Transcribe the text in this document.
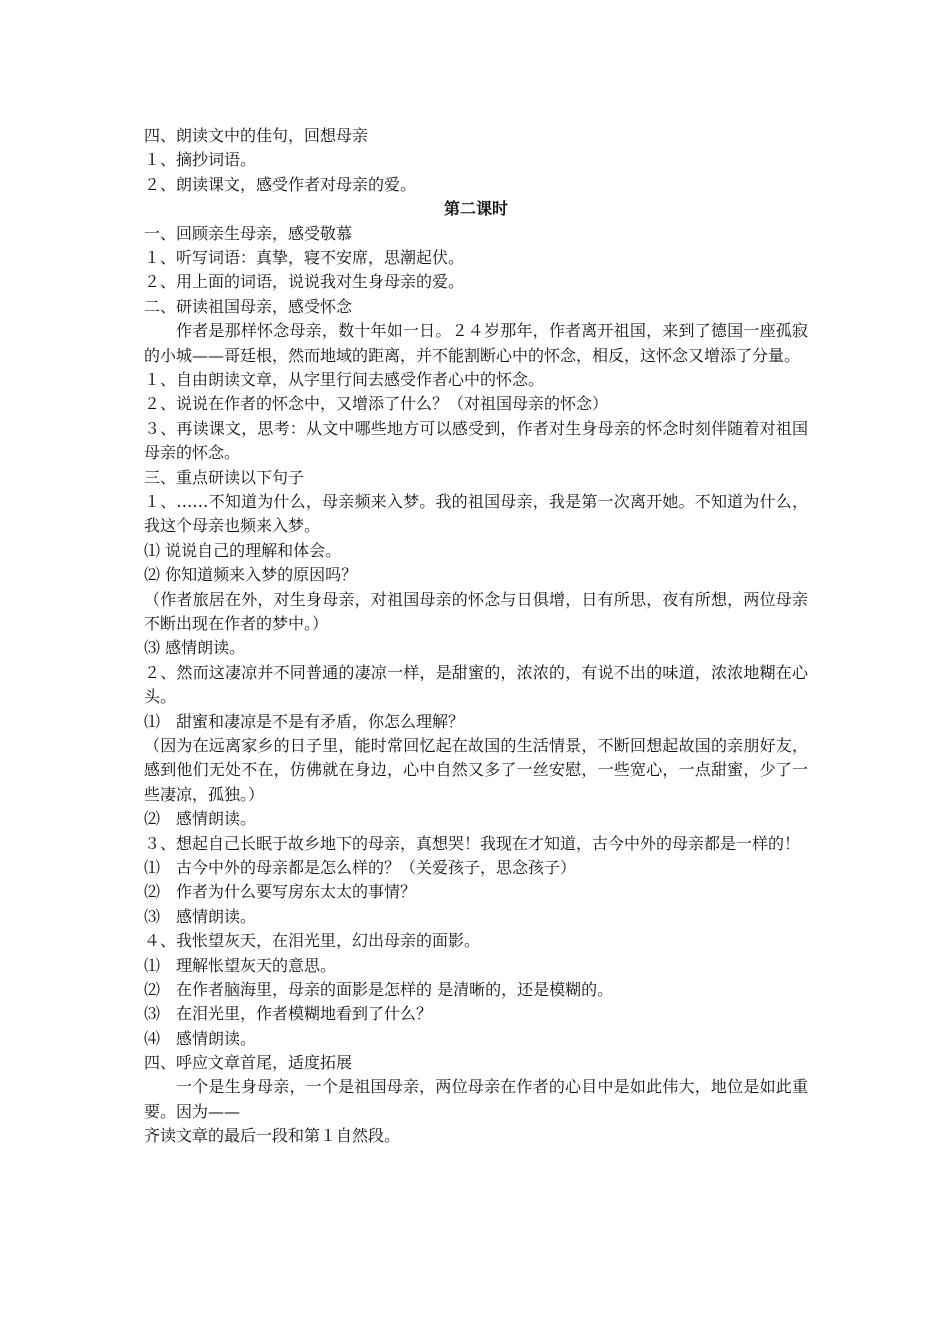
四、朗读文中的佳句，回想母亲
１、摘抄词语。
２、朗读课文，感受作者对母亲的爱。
第二课时
一、回顾亲生母亲，感受敬慕
１、听写词语：真挚，寝不安席，思潮起伏。
２、用上面的词语，说说我对生身母亲的爱。
二、研读祖国母亲，感受怀念
作者是那样怀念母亲，数十年如一日。２４岁那年，作者离开祖国，来到了德国一座孤寂的小城——哥廷根，然而地域的距离，并不能割断心中的怀念，相反，这怀念又增添了分量。
１、自由朗读文章，从字里行间去感受作者心中的怀念。
２、说说在作者的怀念中，又增添了什么？（对祖国母亲的怀念）
３、再读课文，思考：从文中哪些地方可以感受到，作者对生身母亲的怀念时刻伴随着对祖国母亲的怀念。
三、重点研读以下句子
１、……不知道为什么，母亲频来入梦。我的祖国母亲，我是第一次离开她。不知道为什么，我这个母亲也频来入梦。
⑴ 说说自己的理解和体会。
⑵ 你知道频来入梦的原因吗？
（作者旅居在外，对生身母亲，对祖国母亲的怀念与日俱增，日有所思，夜有所想，两位母亲不断出现在作者的梦中。）
⑶ 感情朗读。
２、然而这凄凉并不同普通的凄凉一样，是甜蜜的，浓浓的，有说不出的味道，浓浓地糊在心头。
⑴　甜蜜和凄凉是不是有矛盾，你怎么理解？
（因为在远离家乡的日子里，能时常回忆起在故国的生活情景，不断回想起故国的亲朋好友，感到他们无处不在，仿佛就在身边，心中自然又多了一丝安慰，一些宽心，一点甜蜜，少了一些凄凉，孤独。）
⑵　感情朗读。
３、想起自己长眠于故乡地下的母亲，真想哭！我现在才知道，古今中外的母亲都是一样的！
⑴　古今中外的母亲都是怎么样的？（关爱孩子，思念孩子）
⑵　作者为什么要写房东太太的事情？
⑶　感情朗读。
４、我怅望灰天，在泪光里，幻出母亲的面影。
⑴　理解怅望灰天的意思。
⑵　在作者脑海里，母亲的面影是怎样的 是清晰的，还是模糊的。
⑶　在泪光里，作者模糊地看到了什么？
⑷　感情朗读。
四、呼应文章首尾，适度拓展
一个是生身母亲，一个是祖国母亲，两位母亲在作者的心目中是如此伟大，地位是如此重要。因为——
齐读文章的最后一段和第１自然段。
